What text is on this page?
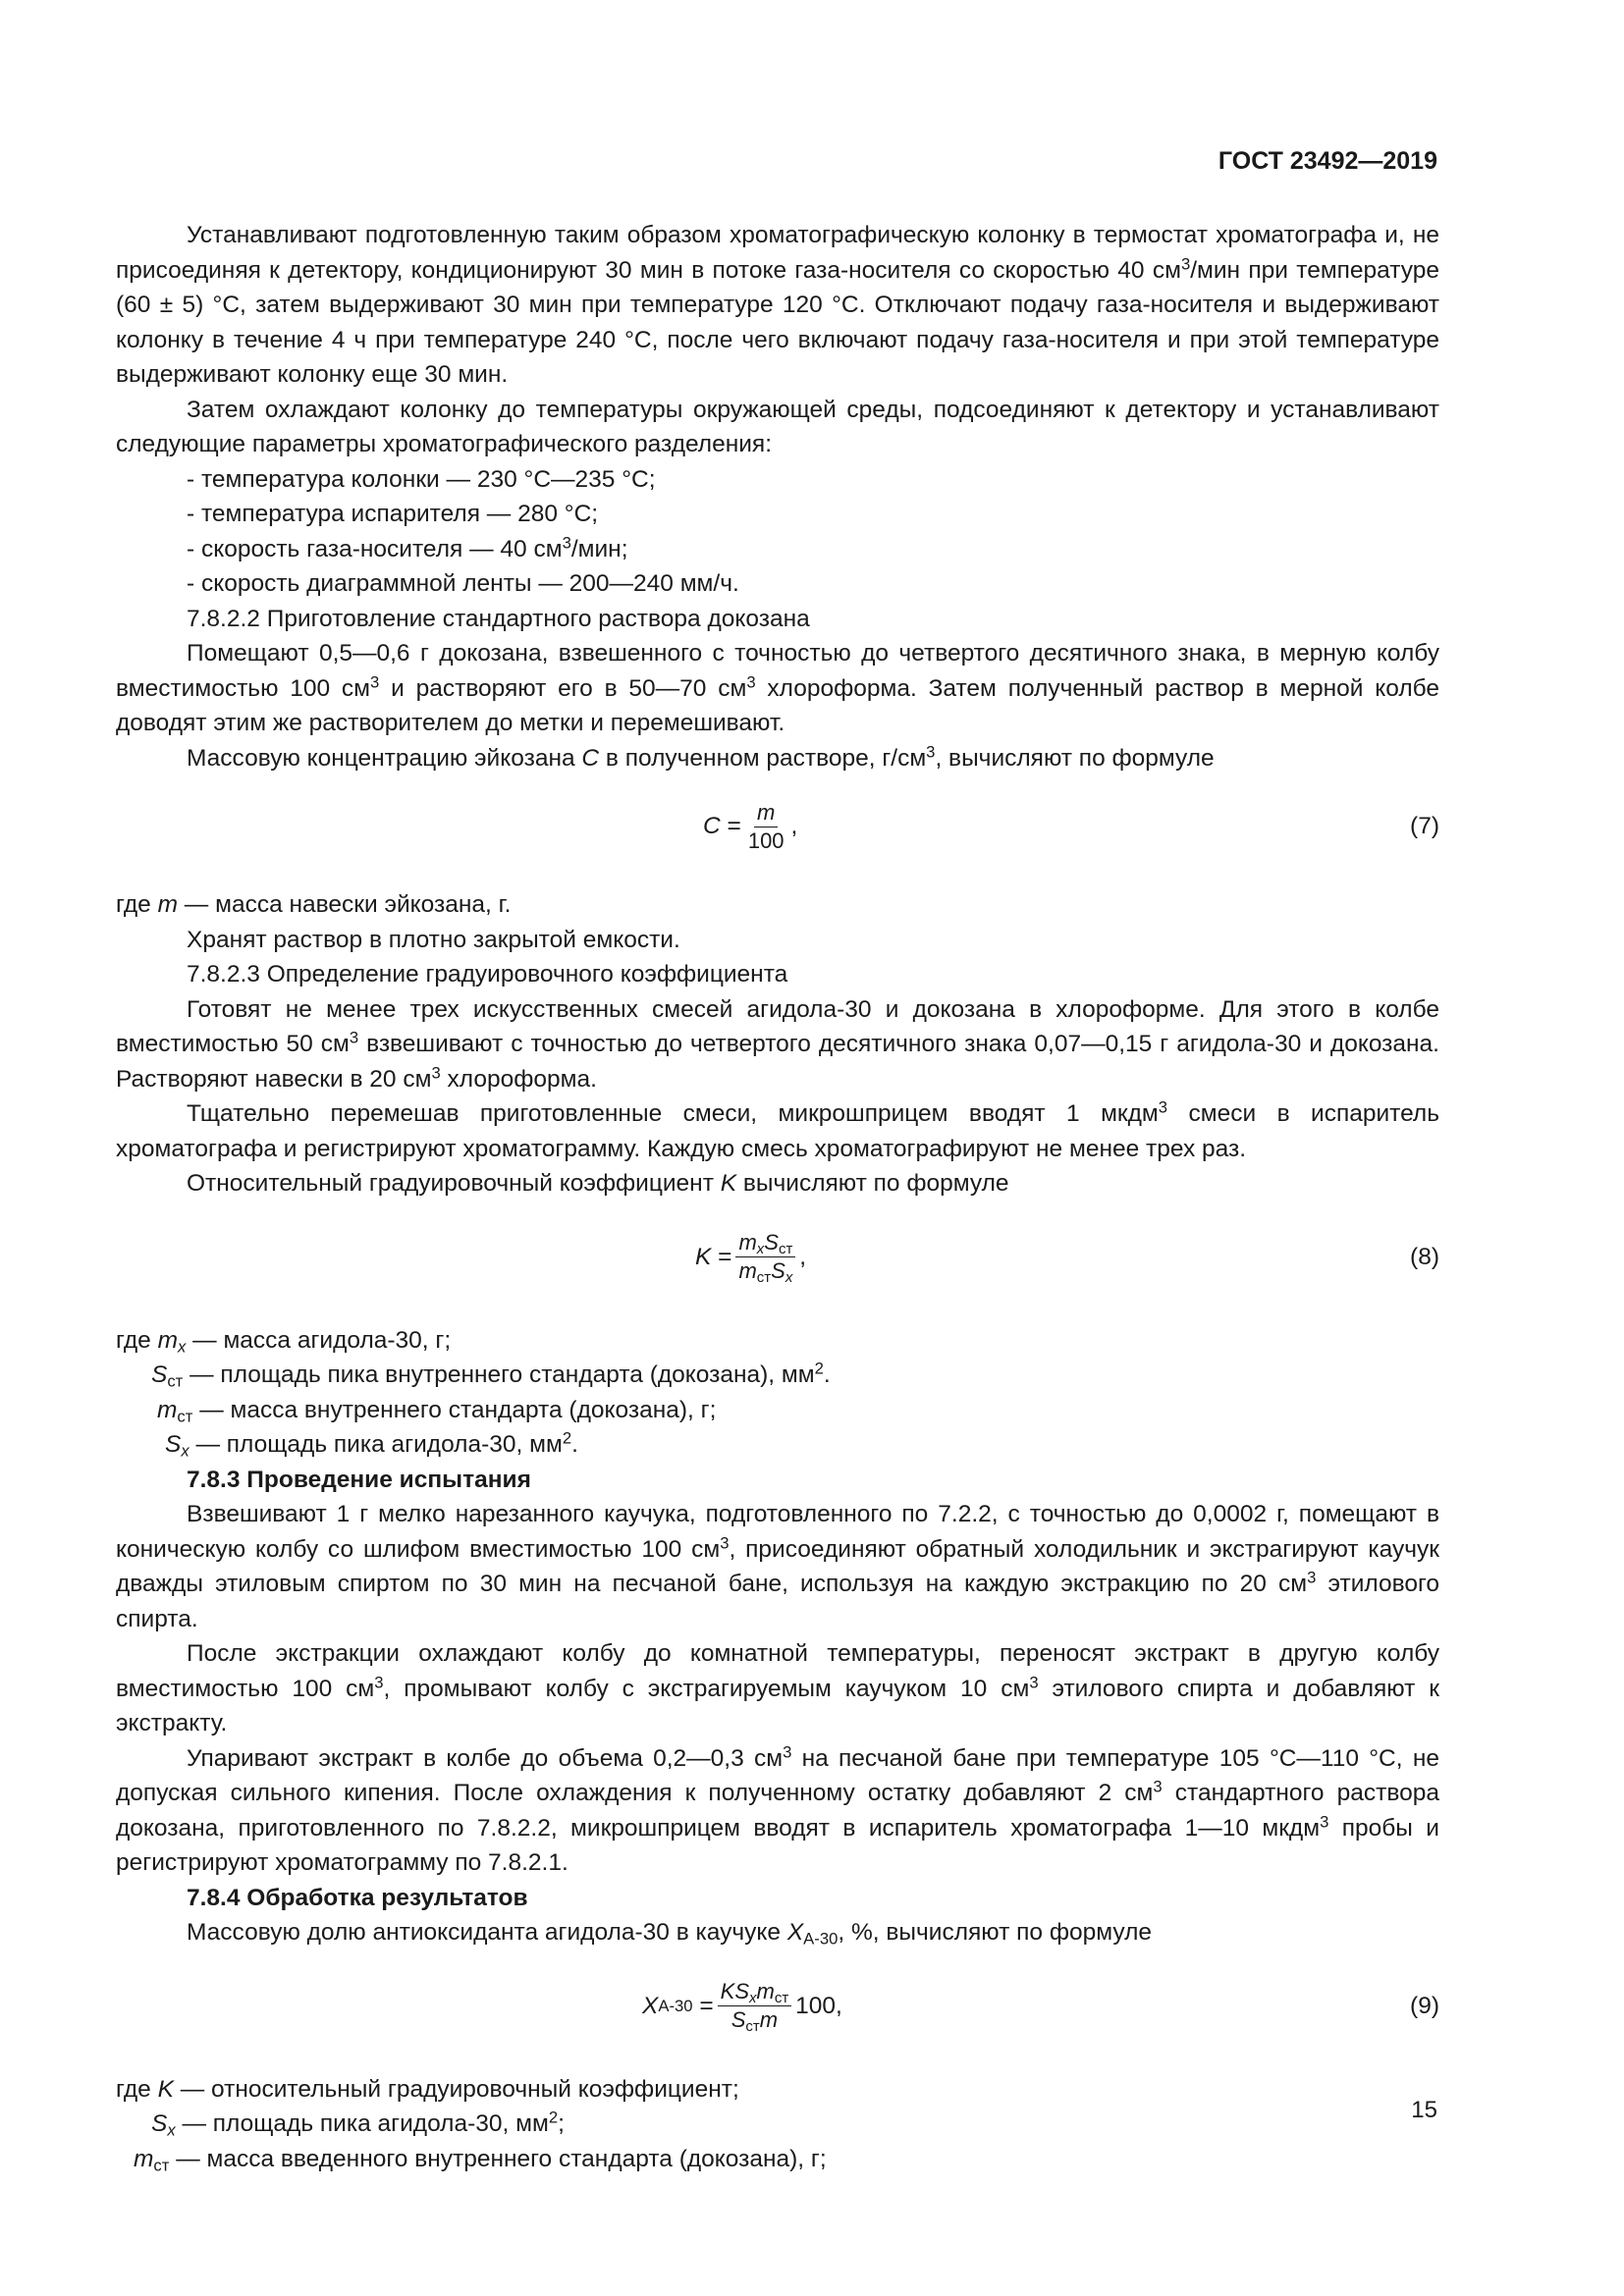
ГОСТ 23492—2019

Устанавливают подготовленную таким образом хроматографическую колонку в термостат хроматографа и, не присоединяя к детектору, кондиционируют 30 мин в потоке газа-носителя со скоростью 40 $см^3$/мин при температуре (60 ± 5) °С, затем выдерживают 30 мин при температуре 120 °С. Отключают подачу газа-носителя и выдерживают колонку в течение 4 ч при температуре 240 °С, после чего включают подачу газа-носителя и при этой температуре выдерживают колонку еще 30 мин.

Затем охлаждают колонку до температуры окружающей среды, подсоединяют к детектору и устанавливают следующие параметры хроматографического разделения:

- температура колонки — 230 °С—235 °С;

- температура испарителя — 280 °С;

- скорость газа-носителя — 40 $см^3$/мин;

- скорость диаграммной ленты — 200—240 мм/ч.

7.8.2.2 Приготовление стандартного раствора докозана

Помещают 0,5—0,6 г докозана, взвешенного с точностью до четвертого десятичного знака, в мерную колбу вместимостью 100 $см^3$ и растворяют его в 50—70 $см^3$ хлороформа. Затем полученный раствор в мерной колбе доводят этим же растворителем до метки и перемешивают.

Массовую концентрацию эйкозана С в полученном растворе, $г/см^3$, вычисляют по формуле

C
= $\frac{m}{100}$ ,	(7)

где m — масса навески эйкозана, г.

Хранят раствор в плотно закрытой емкости.

7.8.2.3 Определение градуировочного коэффициента

Готовят не менее трех искусственных смесей агидола-30 и докозана в хлороформе. Для этого в колбе вместимостью 50 $см^3$ взвешивают с точностью до четвертого десятичного знака 0,07—0,15 г агидола-30 и докозана. Растворяют навески в 20 $см^3$ хлороформа.

Тщательно перемешав приготовленные смеси, микрошприцем вводят 1 мкдм$^3$ смеси в испаритель хроматографа и регистрируют хроматограмму. Каждую смесь хроматографируют не менее трех раз.

Относительный градуировочный коэффициент K вычисляют по формуле

K
= $\frac{m_xS_{ст}}{m_{ст}S_x}$ ,	(8)

где $m_x$ — масса агидола-30, г;

$S_{ст}$ — площадь пика внутреннего стандарта (докозана), $мм^2$.

$m_{ст}$ — масса внутреннего стандарта (докозана), г;

$S_x$ — площадь пика агидола-30, $мм^2$.

7.8.3 Проведение испытания

Взвешивают 1 г мелко нарезанного каучука, подготовленного по 7.2.2, с точностью до 0,0002 г, помещают в коническую колбу со шлифом вместимостью 100 $см^3$, присоединяют обратный холодильник и экстрагируют каучук дважды этиловым спиртом по 30 мин на песчаной бане, используя на каждую экстракцию по 20 $см^3$ этилового спирта.

После экстракции охлаждают колбу до комнатной температуры, переносят экстракт в другую колбу вместимостью 100 $см^3$, промывают колбу с экстрагируемым каучуком 10 $см^3$ этилового спирта и добавляют к экстракту.

Упаривают экстракт в колбе до объема 0,2—0,3 $см^3$ на песчаной бане при температуре 105 °С—110 °С, не допуская сильного кипения. После охлаждения к полученному остатку добавляют 2 $см^3$ стандартного раствора докозана, приготовленного по 7.8.2.2, микрошприцем вводят в испаритель хроматографа 1—10 мкдм$^3$ пробы и регистрируют хроматограмму по 7.8.2.1.

7.8.4 Обработка результатов

Массовую долю антиоксиданта агидола-30 в каучуке $X_{А-30}$, %, вычисляют по формуле

X А-30
= $\frac{KS_xm_{ст}}{S_{ст}m} 100$,	(9)

где K — относительный градуировочный коэффициент;

$S_x$ — площадь пика агидола-30, $мм^2$;

$m_{ст}$ — масса введенного внутреннего стандарта (докозана), г;

15
